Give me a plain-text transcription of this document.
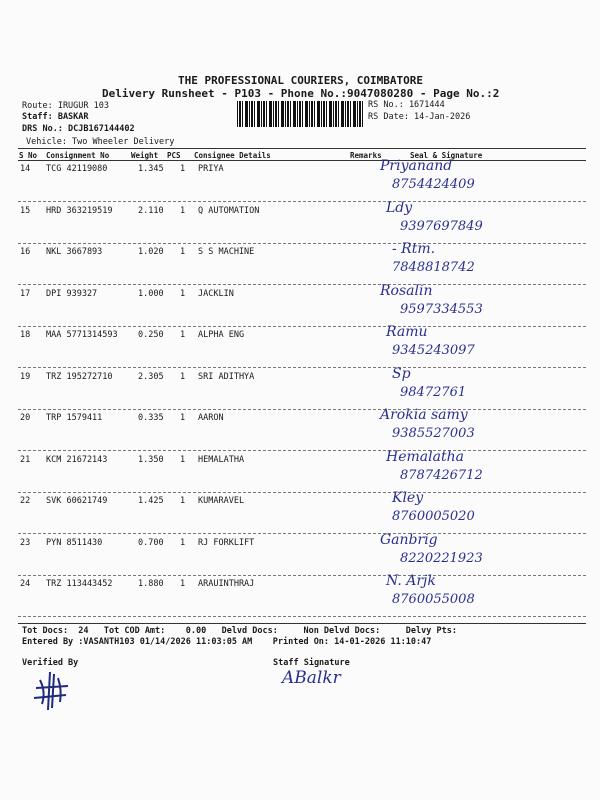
THE PROFESSIONAL COURIERS, COIMBATORE
Delivery Runsheet - P103 - Phone No.:9047080280 - Page No.:2
Route: IRUGUR 103
Staff: BASKAR
DRS No.: DCJB167144402
Vehicle: Two Wheeler Delivery
RS No.: 1671444
RS Date: 14-Jan-2026
S No Consignment No	Weight PCS Consignee Details	Remarks	Seal & Signature
14 TCG 42119080	1.345 1 PRIYA	Priyanand
8754424409
15 HRD 363219519	2.110 1 Q AUTOMATION	Ldy
9397697849
16 NKL 3667893	1.020 1 S S MACHINE	- Rtm.
7848818742
17 DPI 939327	1.000 1 JACKLIN	Rosalin
9597334553
18 MAA 5771314593 0.250 1 ALPHA ENG	Ramu
9345243097
19 TRZ 195272710	2.305 1 SRI ADITHYA	Sp
98472761
20 TRP 1579411	0.335 1 AARON	Arokia samy
9385527003
21 KCM 21672143	1.350 1 HEMALATHA	Hemalatha
8787426712
22 SVK 60621749	1.425 1 KUMARAVEL	Kley
8760005020
23 PYN 8511430	0.700 1 RJ FORKLIFT	Ganbrig
8220221923
24 TRZ 113443452	1.880 1 ARAUINTHRAJ	N. Arjk
8760055008
Tot Docs:  24   Tot COD Amt:    0.00   Delvd Docs:     Non Delvd Docs:     Delvy Pts:
Entered By :VASANTH103 01/14/2026 11:03:05 AM    Printed On: 14-01-2026 11:10:47
Verified By	Staff Signature
ABalkr
